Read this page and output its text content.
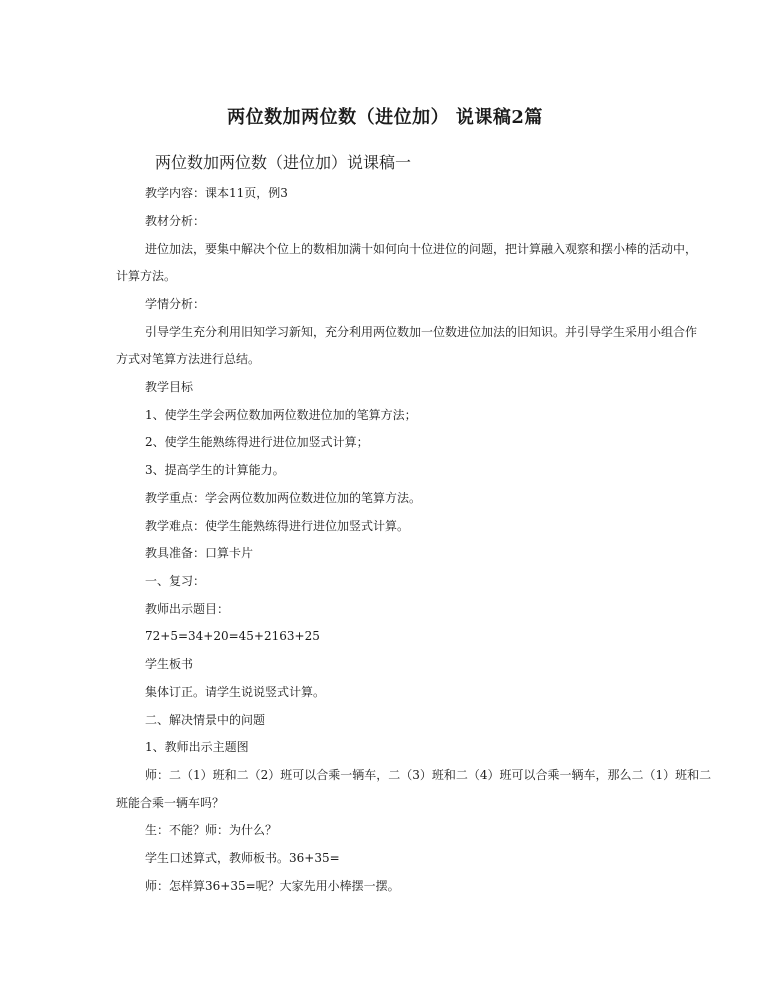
两位数加两位数（进位加） 说课稿2篇
两位数加两位数（进位加）说课稿一
教学内容：课本11页，例3
教材分析：
进位加法，要集中解决个位上的数相加满十如何向十位进位的问题，把计算融入观察和摆小棒的活动中，
计算方法。
学情分析：
引导学生充分利用旧知学习新知，充分利用两位数加一位数进位加法的旧知识。并引导学生采用小组合作
方式对笔算方法进行总结。
教学目标
1、使学生学会两位数加两位数进位加的笔算方法；
2、使学生能熟练得进行进位加竖式计算；
3、提高学生的计算能力。
教学重点：学会两位数加两位数进位加的笔算方法。
教学难点：使学生能熟练得进行进位加竖式计算。
教具准备：口算卡片
一、复习：
教师出示题目：
72+5=34+20=45+2163+25
学生板书
集体订正。请学生说说竖式计算。
二、解决情景中的问题
1、教师出示主题图
师：二（1）班和二（2）班可以合乘一辆车，二（3）班和二（4）班可以合乘一辆车，那么二（1）班和二
班能合乘一辆车吗？
生：不能？师：为什么？
学生口述算式，教师板书。36+35=
师：怎样算36+35=呢？大家先用小棒摆一摆。
